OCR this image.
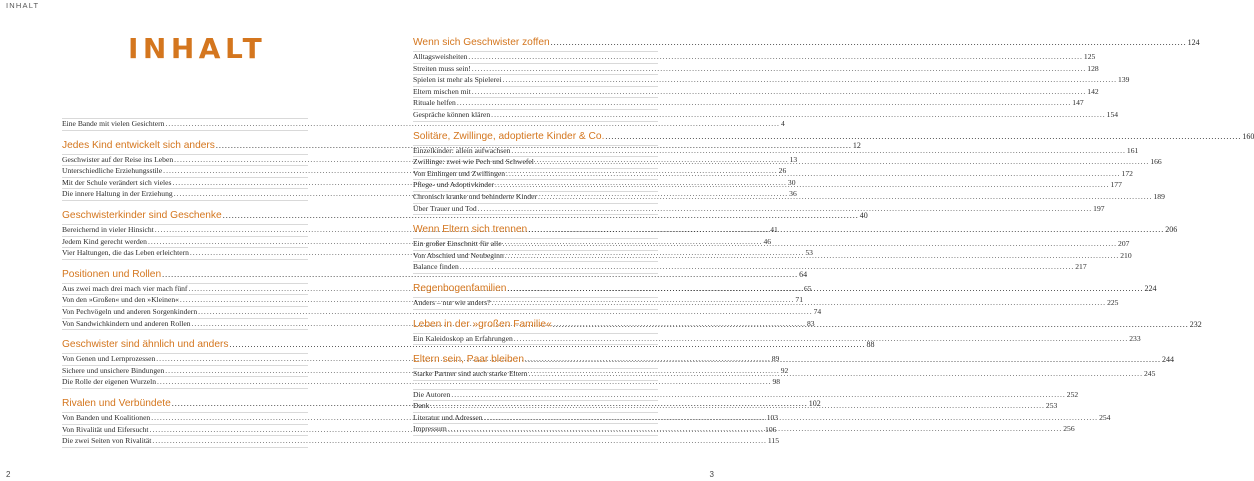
INHALT
INHALT
Eine Bande mit vielen Gesichtern .....	4
Jedes Kind entwickelt sich anders .....	12
Geschwister auf der Reise ins Leben .....	13
Unterschiedliche Erziehungsstile .....	26
Mit der Schule verändert sich vieles .....	30
Die innere Haltung in der Erziehung .....	36
Geschwisterkinder sind Geschenke .....	40
Bereichernd in vieler Hinsicht .....	41
Jedem Kind gerecht werden .....	46
Vier Haltungen, die das Leben erleichtern .....	53
Positionen und Rollen .....	64
Aus zwei mach drei mach vier mach fünf .....	65
Von den »Großen« und den »Kleinen« .....	71
Von Pechvögeln und anderen Sorgenkindern .....	74
Von Sandwichkindern und anderen Rollen .....	83
Geschwister sind ähnlich und anders .....	88
Von Genen und Lernprozessen .....	89
Sichere und unsichere Bindungen .....	92
Die Rolle der eigenen Wurzeln .....	98
Rivalen und Verbündete .....	102
Von Banden und Koalitionen .....	103
Von Rivalität und Eifersucht .....	106
Die zwei Seiten von Rivalität .....	115
Wenn sich Geschwister zoffen .....	124
Alltagsweisheiten .....	125
Streiten muss sein! .....	128
Spielen ist mehr als Spielerei .....	139
Eltern mischen mit .....	142
Rituale helfen .....	147
Gespräche können klären .....	154
Solitäre, Zwillinge, adoptierte Kinder & Co. .....	160
Einzelkinder: allein aufwachsen .....	161
Zwillinge: zwei wie Pech und Schwefel .....	166
Von Einlingen und Zwillingen .....	172
Pflege- und Adoptivkinder .....	177
Chronisch kranke und behinderte Kinder .....	189
Über Trauer und Tod .....	197
Wenn Eltern sich trennen .....	206
Ein großer Einschnitt für alle .....	207
Von Abschied und Neubeginn .....	210
Balance finden .....	217
Regenbogenfamilien .....	224
Anders – nur wie anders? .....	225
Leben in der »großen Familie« .....	232
Ein Kaleidoskop an Erfahrungen .....	233
Eltern sein, Paar bleiben .....	244
Starke Partner sind auch starke Eltern .....	245
Die Autoren .....	252
Dank .....	253
Literatur und Adressen .....	254
Impressum .....	256
2	3
